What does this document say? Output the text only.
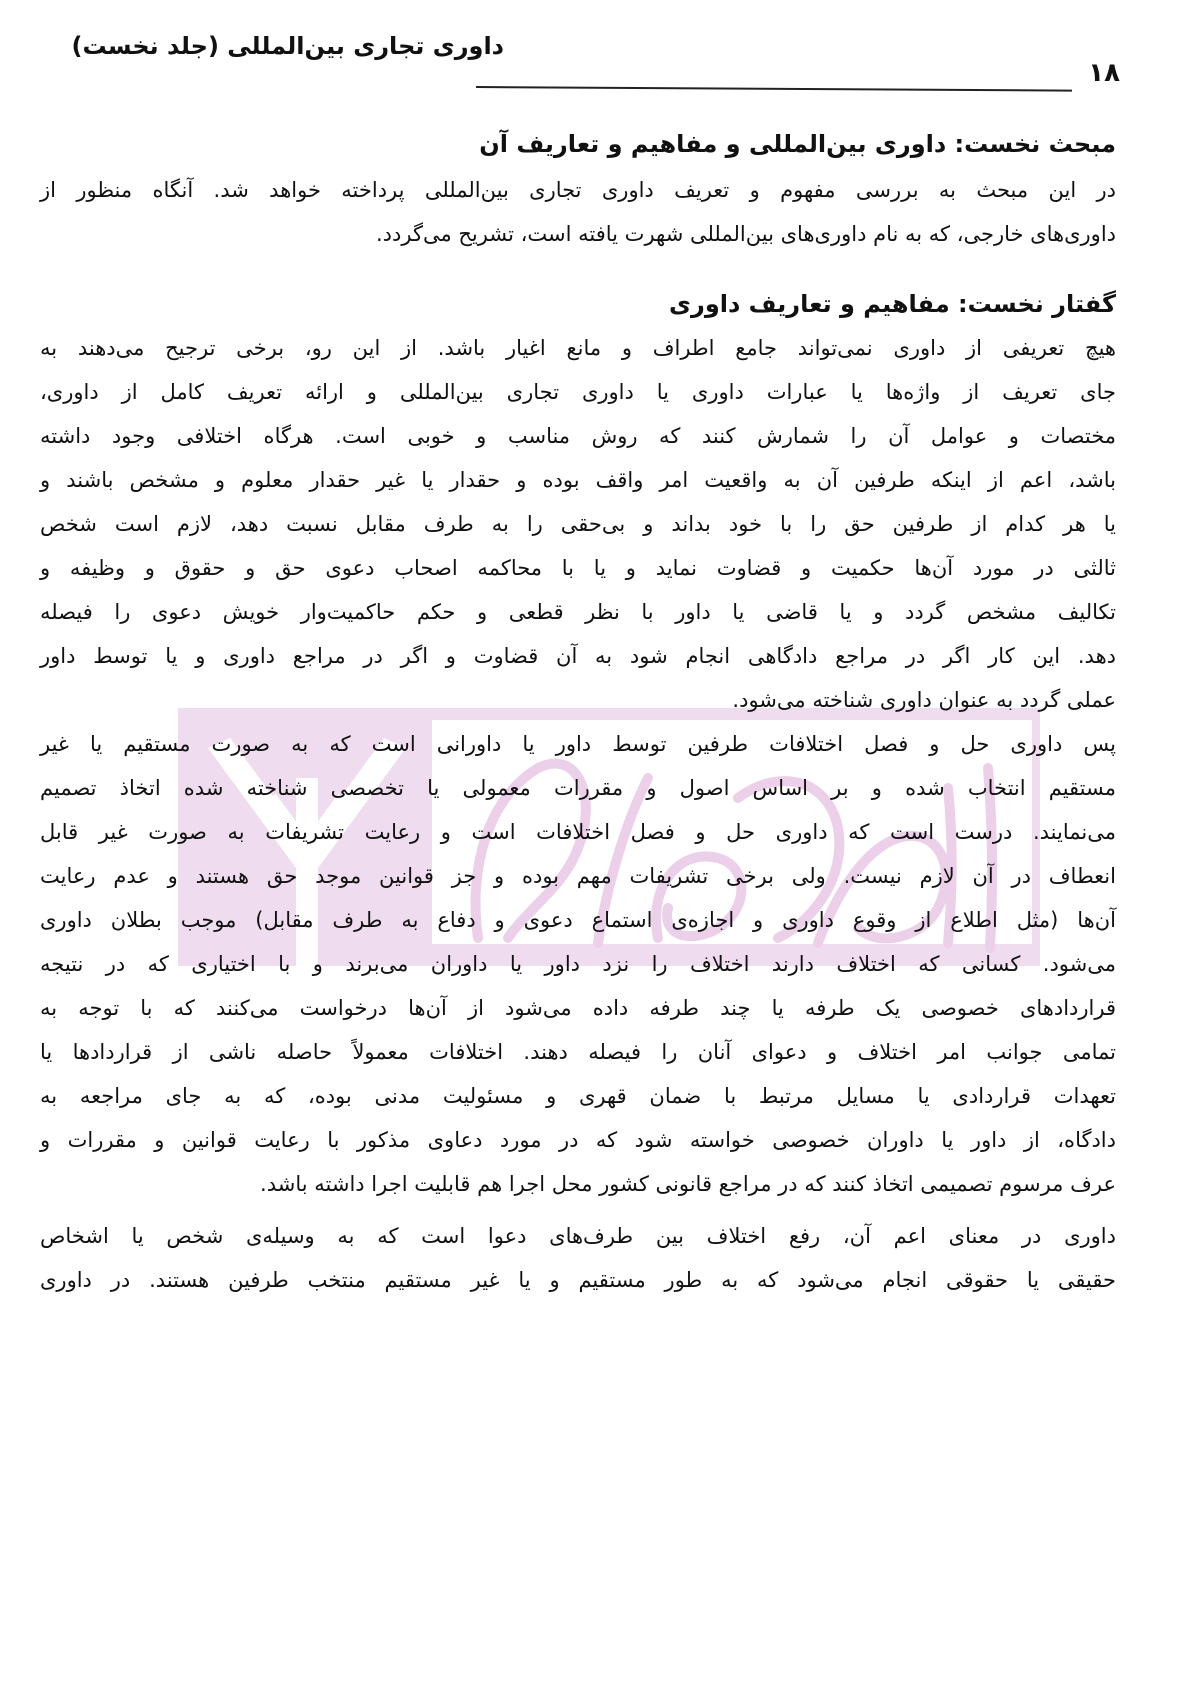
داوری تجاری بین‌المللی (جلد نخست)
۱۸
مبحث نخست: داوری بین‌المللی و مفاهیم و تعاریف آن

در این مبحث به بررسی مفهوم و تعریف داوری تجاری بین‌المللی پرداخته خواهد شد. آنگاه منظور از
داوری‌های خارجی، که به نام داوری‌های بین‌المللی شهرت یافته است، تشریح می‌گردد.

گفتار نخست: مفاهیم و تعاریف داوری

هیچ تعریفی از داوری نمی‌تواند جامع اطراف و مانع اغیار باشد. از این رو، برخی ترجیح می‌دهند به
جای تعریف از واژه‌ها یا عبارات داوری یا داوری تجاری بین‌المللی و ارائه تعریف کامل از داوری،
مختصات و عوامل آن را شمارش کنند که روش مناسب و خوبی است. هرگاه اختلافی وجود داشته
باشد، اعم از اینکه طرفین آن به واقعیت امر واقف بوده و حقدار یا غیر حقدار معلوم و مشخص باشند و
یا هر کدام از طرفین حق را با خود بداند و بی‌حقی را به طرف مقابل نسبت دهد، لازم است شخص
ثالثی در مورد آن‌ها حکمیت و قضاوت نماید و یا با محاکمه اصحاب دعوی حق و حقوق و وظیفه و
تکالیف مشخص گردد و یا قاضی یا داور با نظر قطعی و حکم حاکمیت‌وار خویش دعوی را فیصله
دهد. این کار اگر در مراجع دادگاهی انجام شود به آن قضاوت و اگر در مراجع داوری و یا توسط داور
عملی گردد به عنوان داوری شناخته می‌شود.

پس داوری حل و فصل اختلافات طرفین توسط داور یا داورانی است که به صورت مستقیم یا غیر
مستقیم انتخاب شده و بر اساس اصول و مقررات معمولی یا تخصصی شناخته شده اتخاذ تصمیم
می‌نمایند. درست است که داوری حل و فصل اختلافات است و رعایت تشریفات به صورت غیر قابل
انعطاف در آن لازم نیست. ولی برخی تشریفات مهم بوده و جز قوانین موجد حق هستند و عدم رعایت
آن‌ها (مثل اطلاع از وقوع داوری و اجازه‌ی استماع دعوی و دفاع به طرف مقابل) موجب بطلان داوری
می‌شود. کسانی که اختلاف دارند اختلاف را نزد داور یا داوران می‌برند و با اختیاری که در نتیجه
قراردادهای خصوصی یک طرفه یا چند طرفه داده می‌شود از آن‌ها درخواست می‌کنند که با توجه به
تمامی جوانب امر اختلاف و دعوای آنان را فیصله دهند. اختلافات معمولاً حاصله ناشی از قراردادها یا
تعهدات قراردادی یا مسایل مرتبط با ضمان قهری و مسئولیت مدنی بوده، که به جای مراجعه به
دادگاه، از داور یا داوران خصوصی خواسته شود که در مورد دعاوی مذکور با رعایت قوانین و مقررات و
عرف مرسوم تصمیمی اتخاذ کنند که در مراجع قانونی کشور محل اجرا هم قابلیت اجرا داشته باشد.

داوری در معنای اعم آن، رفع اختلاف بین طرف‌های دعوا است که به وسیله‌ی شخص یا اشخاص
حقیقی یا حقوقی انجام می‌شود که به طور مستقیم و یا غیر مستقیم منتخب طرفین هستند. در داوری
